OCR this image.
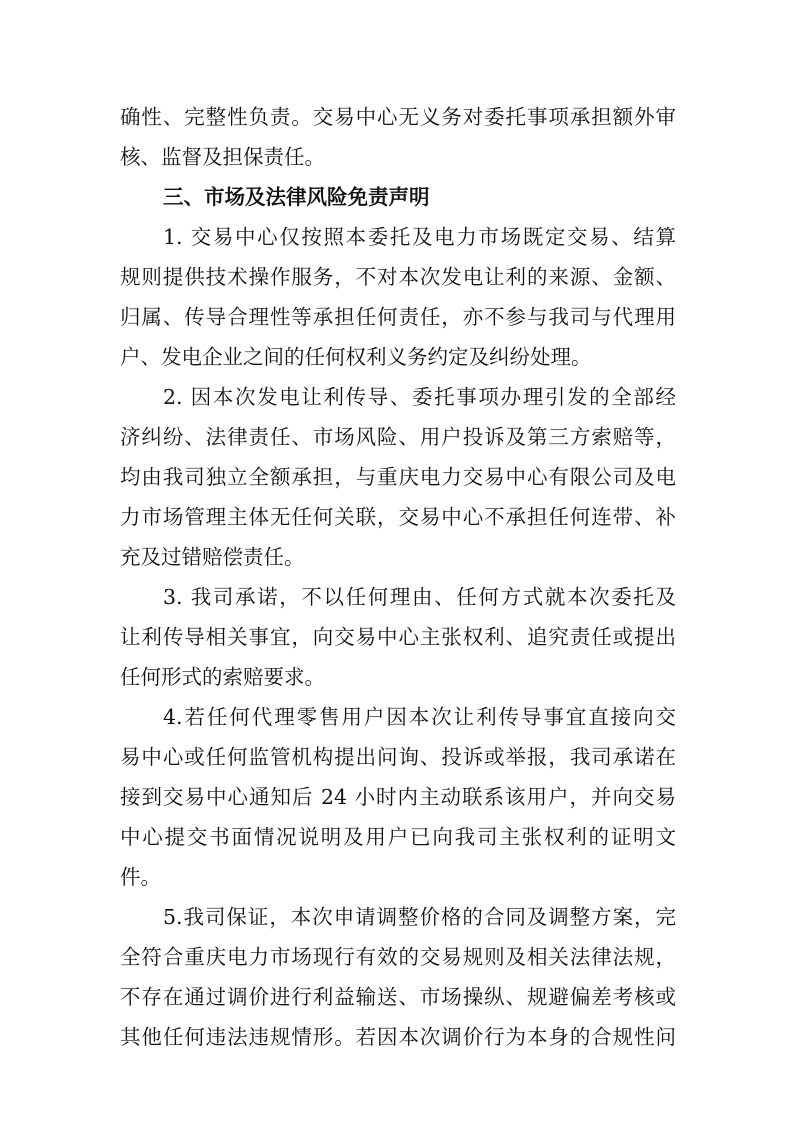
确性、完整性负责。交易中心无义务对委托事项承担额外审
核、监督及担保责任。
三、市场及法律风险免责声明
1. 交易中心仅按照本委托及电力市场既定交易、结算
规则提供技术操作服务，不对本次发电让利的来源、金额、
归属、传导合理性等承担任何责任，亦不参与我司与代理用
户、发电企业之间的任何权利义务约定及纠纷处理。
2. 因本次发电让利传导、委托事项办理引发的全部经
济纠纷、法律责任、市场风险、用户投诉及第三方索赔等，
均由我司独立全额承担，与重庆电力交易中心有限公司及电
力市场管理主体无任何关联，交易中心不承担任何连带、补
充及过错赔偿责任。
3. 我司承诺，不以任何理由、任何方式就本次委托及
让利传导相关事宜，向交易中心主张权利、追究责任或提出
任何形式的索赔要求。
4.若任何代理零售用户因本次让利传导事宜直接向交
易中心或任何监管机构提出问询、投诉或举报，我司承诺在
接到交易中心通知后 24 小时内主动联系该用户，并向交易
中心提交书面情况说明及用户已向我司主张权利的证明文
件。
5.我司保证，本次申请调整价格的合同及调整方案，完
全符合重庆电力市场现行有效的交易规则及相关法律法规，
不存在通过调价进行利益输送、市场操纵、规避偏差考核或
其他任何违法违规情形。若因本次调价行为本身的合规性问
